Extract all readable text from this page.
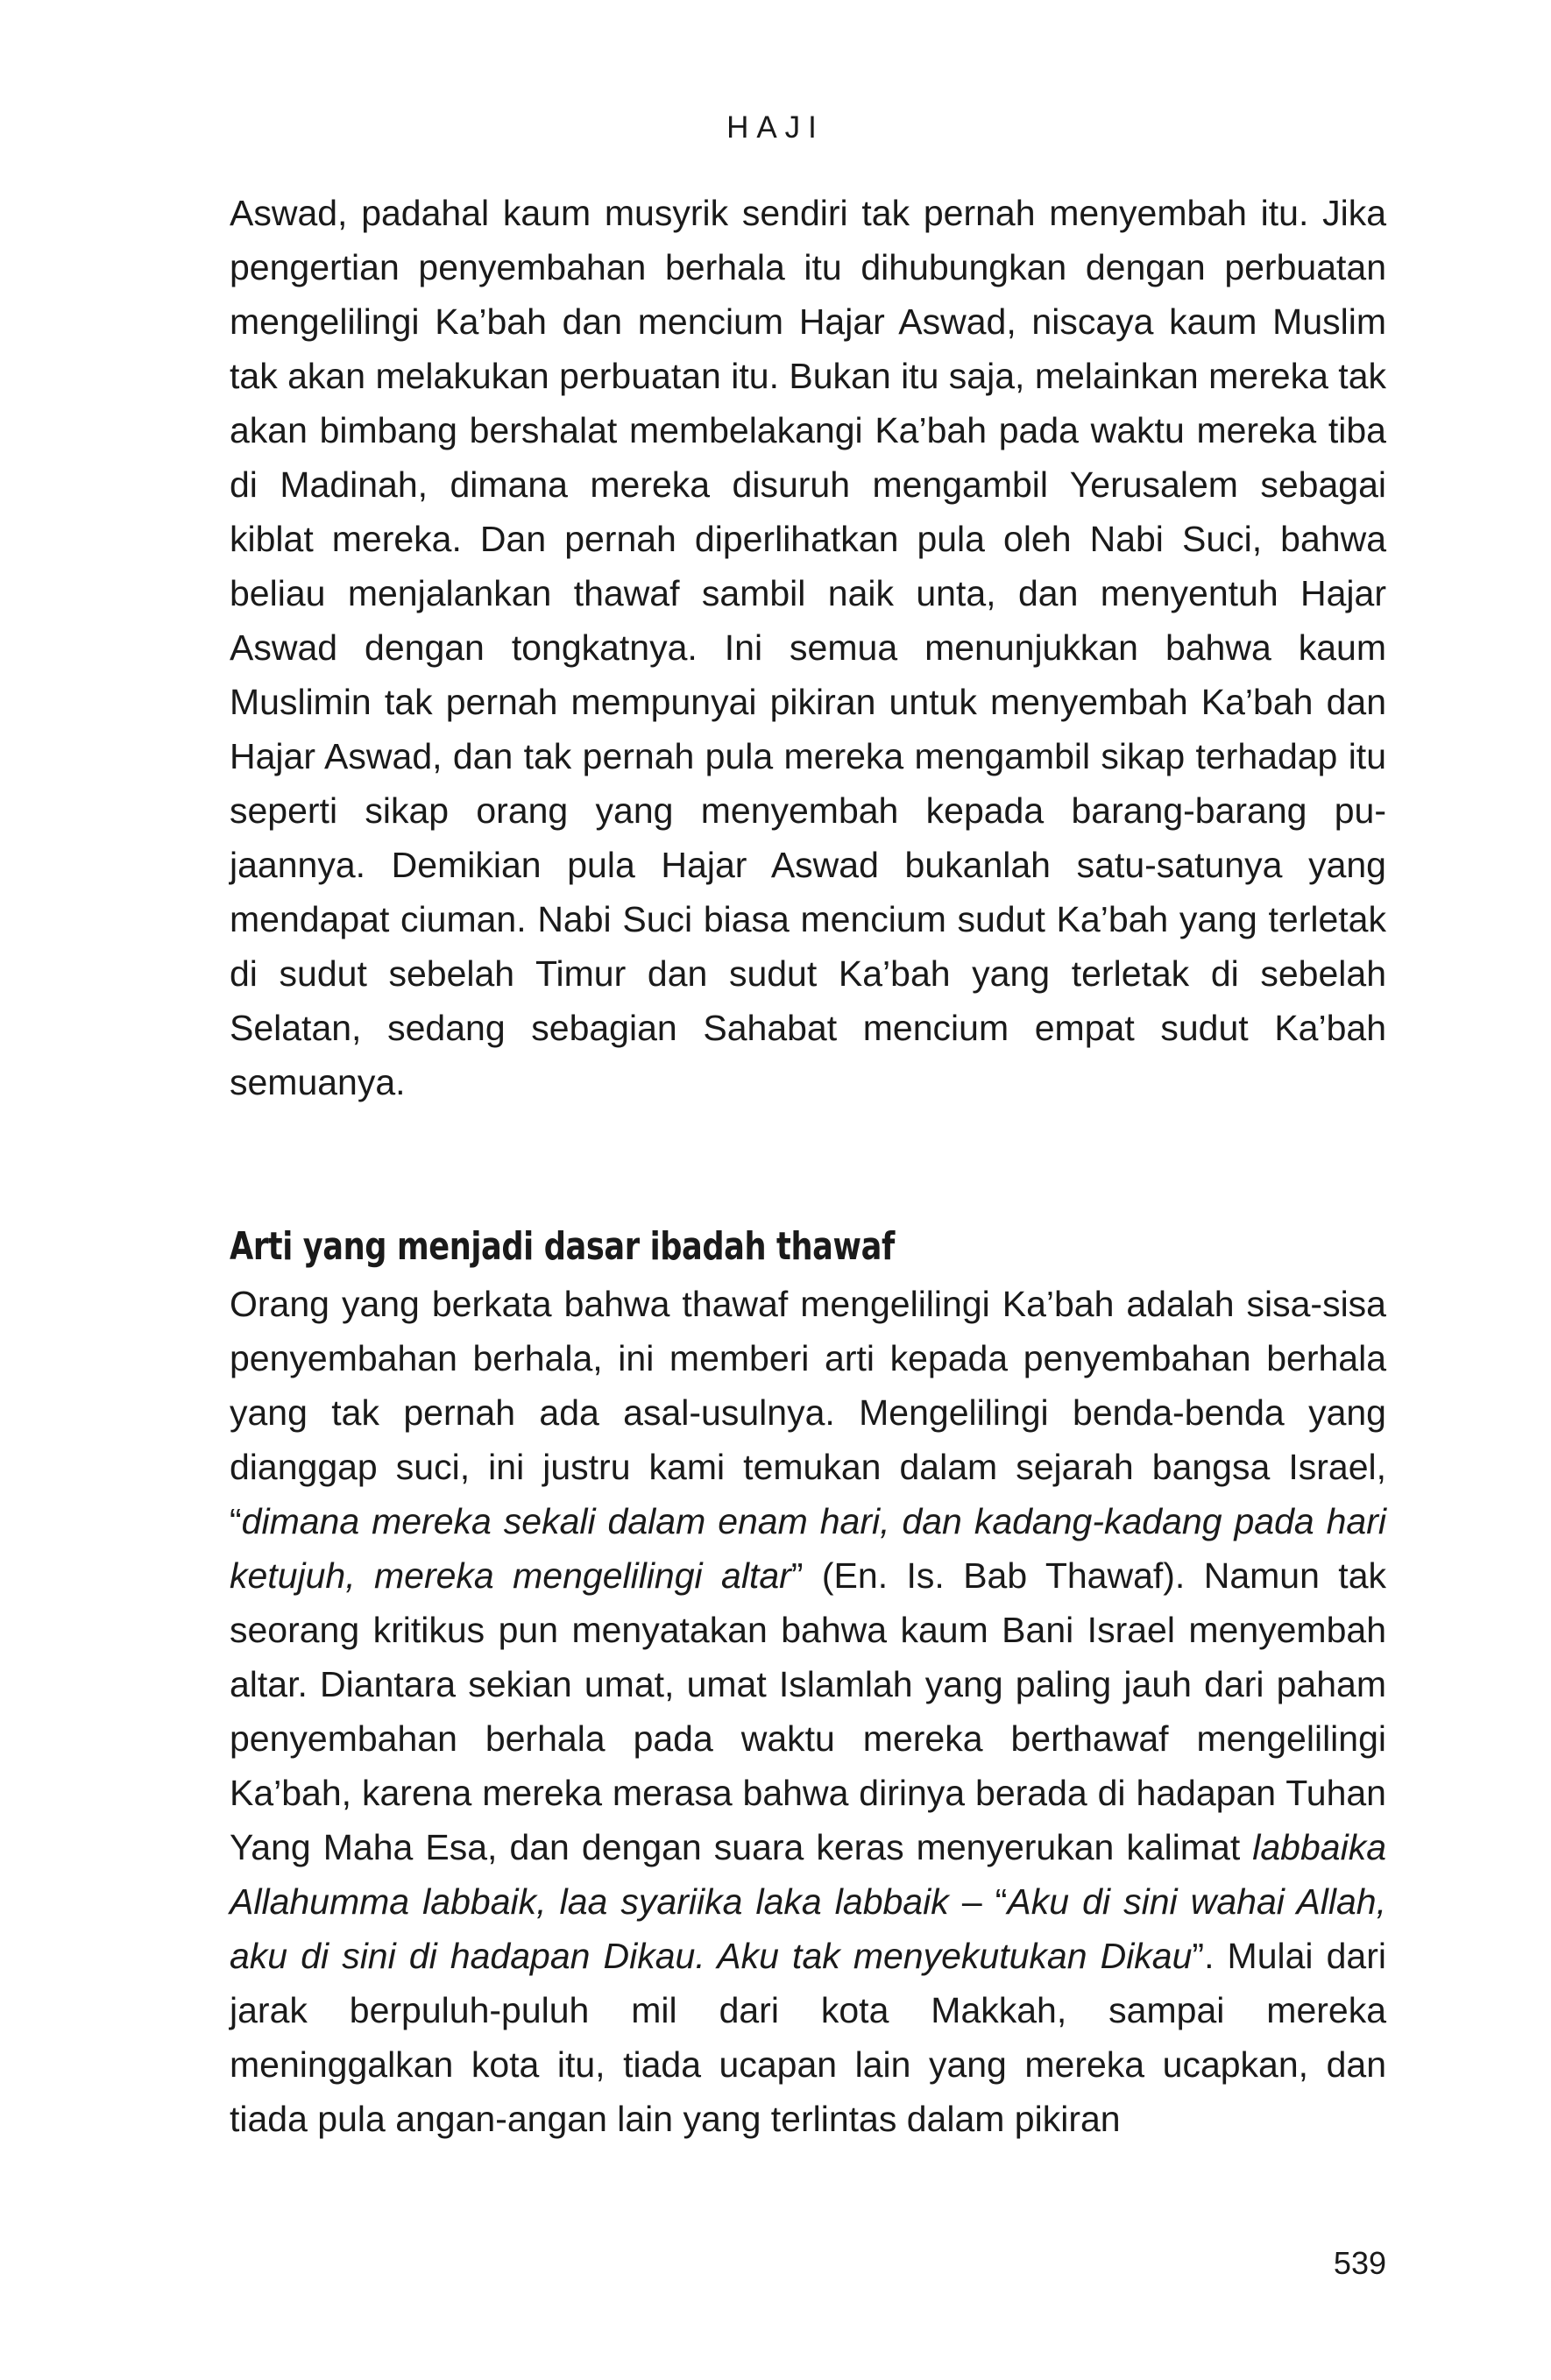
HAJI

Aswad, padahal kaum musyrik sendiri tak pernah menyembah itu. Jika pengertian penyembahan berhala itu dihubungkan dengan perbuatan mengelilingi Ka’bah dan mencium Hajar Aswad, niscaya kaum Muslim tak akan melakukan perbuatan itu. Bukan itu saja, melainkan mereka tak akan bimbang bershalat membelakangi Ka’bah pada waktu mereka tiba di Madinah, dimana mereka disuruh mengambil Yerusalem sebagai kiblat mereka. Dan pernah diperlihatkan pula oleh Nabi Suci, bahwa beliau menjalankan thawaf sambil naik unta, dan menyentuh Hajar Aswad dengan tongkatnya. Ini semua menunjukkan bahwa kaum Muslimin tak pernah mempunyai pikiran untuk menyembah Ka’bah dan Hajar Aswad, dan tak pernah pula mereka mengambil sikap terhadap itu seperti sikap orang yang menyembah kepada barang-barang pujaannya. Demikian pula Hajar Aswad bukanlah satu-satunya yang mendapat ciuman. Nabi Suci biasa mencium sudut Ka’bah yang terletak di sudut sebelah Timur dan sudut Ka’bah yang terletak di sebelah Selatan, sedang sebagian Sahabat mencium empat sudut Ka’bah semuanya.

Arti yang menjadi dasar ibadah thawaf

Orang yang berkata bahwa thawaf mengelilingi Ka’bah adalah sisa-sisa penyembahan berhala, ini memberi arti kepada penyembahan berhala yang tak pernah ada asal-usulnya. Mengelilingi benda-benda yang dianggap suci, ini justru kami temukan dalam sejarah bangsa Israel, “dimana mereka sekali dalam enam hari, dan kadang-kadang pada hari ketujuh, mereka mengelilingi altar” (En. Is. Bab Thawaf). Namun tak seorang kritikus pun menyatakan bahwa kaum Bani Israel menyembah altar. Diantara sekian umat, umat Islamlah yang paling jauh dari paham penyembahan berhala pada waktu mereka berthawaf mengelilingi Ka’bah, karena mereka merasa bahwa dirinya berada di hadapan Tuhan Yang Maha Esa, dan dengan suara keras menyerukan kalimat labbaika Allahumma labbaik, laa syariika laka labbaik – “Aku di sini wahai Allah, aku di sini di hadapan Dikau. Aku tak menyekutukan Dikau”. Mulai dari jarak berpuluh-puluh mil dari kota Makkah, sampai mereka meninggalkan kota itu, tiada ucapan lain yang mereka ucapkan, dan tiada pula angan-angan lain yang terlintas dalam pikiran

539
